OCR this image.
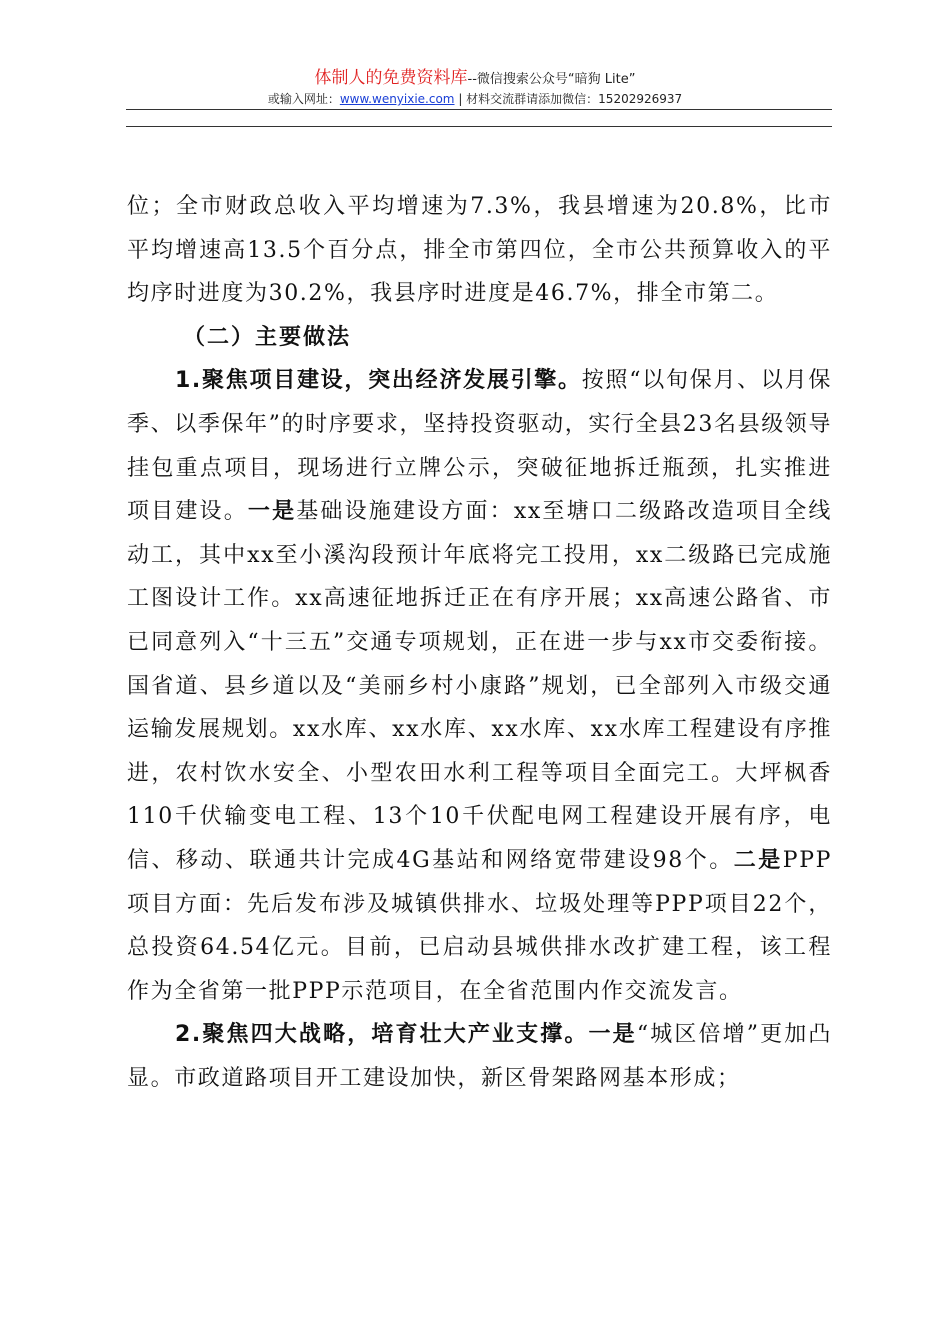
体制人的免费资料库--微信搜索公众号“暗狗 Lite”
或输入网址：www.wenyixie.com | 材料交流群请添加微信：15202926937

位；全市财政总收入平均增速为7.3%，我县增速为20.8%，比市平均增速高13.5个百分点，排全市第四位，全市公共预算收入的平均序时进度为30.2%，我县序时进度是46.7%，排全市第二。

（二）主要做法

1.聚焦项目建设，突出经济发展引擎。按照“以旬保月、以月保季、以季保年”的时序要求，坚持投资驱动，实行全县23名县级领导挂包重点项目，现场进行立牌公示，突破征地拆迁瓶颈，扎实推进项目建设。一是基础设施建设方面：xx至塘口二级路改造项目全线动工，其中xx至小溪沟段预计年底将完工投用，xx二级路已完成施工图设计工作。xx高速征地拆迁正在有序开展；xx高速公路省、市已同意列入“十三五”交通专项规划，正在进一步与xx市交委衔接。国省道、县乡道以及“美丽乡村小康路”规划，已全部列入市级交通运输发展规划。xx水库、xx水库、xx水库、xx水库工程建设有序推进，农村饮水安全、小型农田水利工程等项目全面完工。大坪枫香110千伏输变电工程、13个10千伏配电网工程建设开展有序，电信、移动、联通共计完成4G基站和网络宽带建设98个。二是PPP项目方面：先后发布涉及城镇供排水、垃圾处理等PPP项目22个，总投资64.54亿元。目前，已启动县城供排水改扩建工程，该工程作为全省第一批PPP示范项目，在全省范围内作交流发言。

2.聚焦四大战略，培育壮大产业支撑。一是“城区倍增”更加凸显。市政道路项目开工建设加快，新区骨架路网基本形成；
